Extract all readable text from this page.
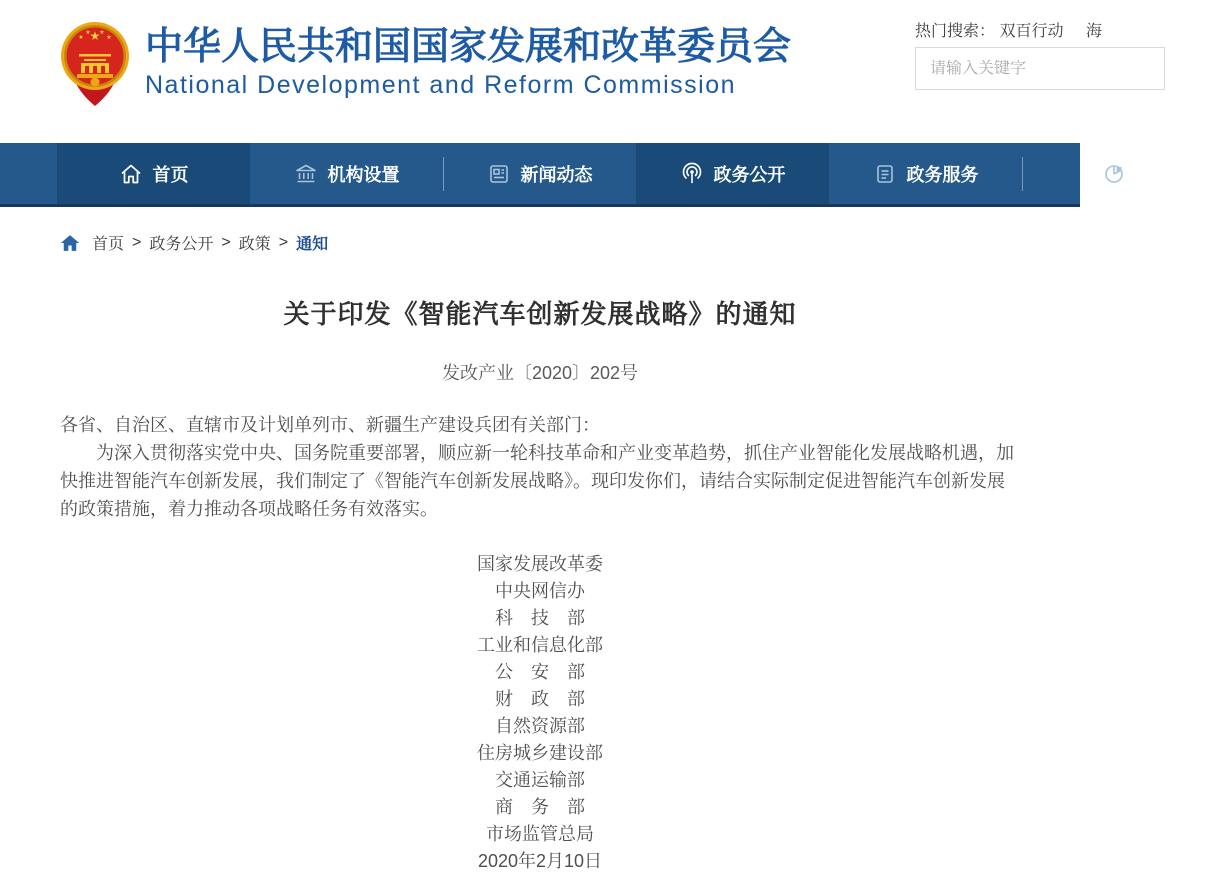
★
★
★ ★
★ 中华人民共和国国家发展和改革委员会
National Development and Reform Commission
热门搜索： 双百行动 海
请输入关键字
首页	机构设置	新闻动态	政务公开	政务服务
首页 > 政务公开 > 政策 > 通知
关于印发《智能汽车创新发展战略》的通知
发改产业〔2020〕202号
各省、自治区、直辖市及计划单列市、新疆生产建设兵团有关部门：
为深入贯彻落实党中央、国务院重要部署，顺应新一轮科技革命和产业变革趋势，抓住产业智能化发展战略机遇，加快推进智能汽车创新发展，我们制定了《智能汽车创新发展战略》。现印发你们，请结合实际制定促进智能汽车创新发展的政策措施，着力推动各项战略任务有效落实。
国家发展改革委
中央网信办
科　技　部
工业和信息化部
公　安　部
财　政　部
自然资源部
住房城乡建设部
交通运输部
商　务　部
市场监管总局
2020年2月10日
